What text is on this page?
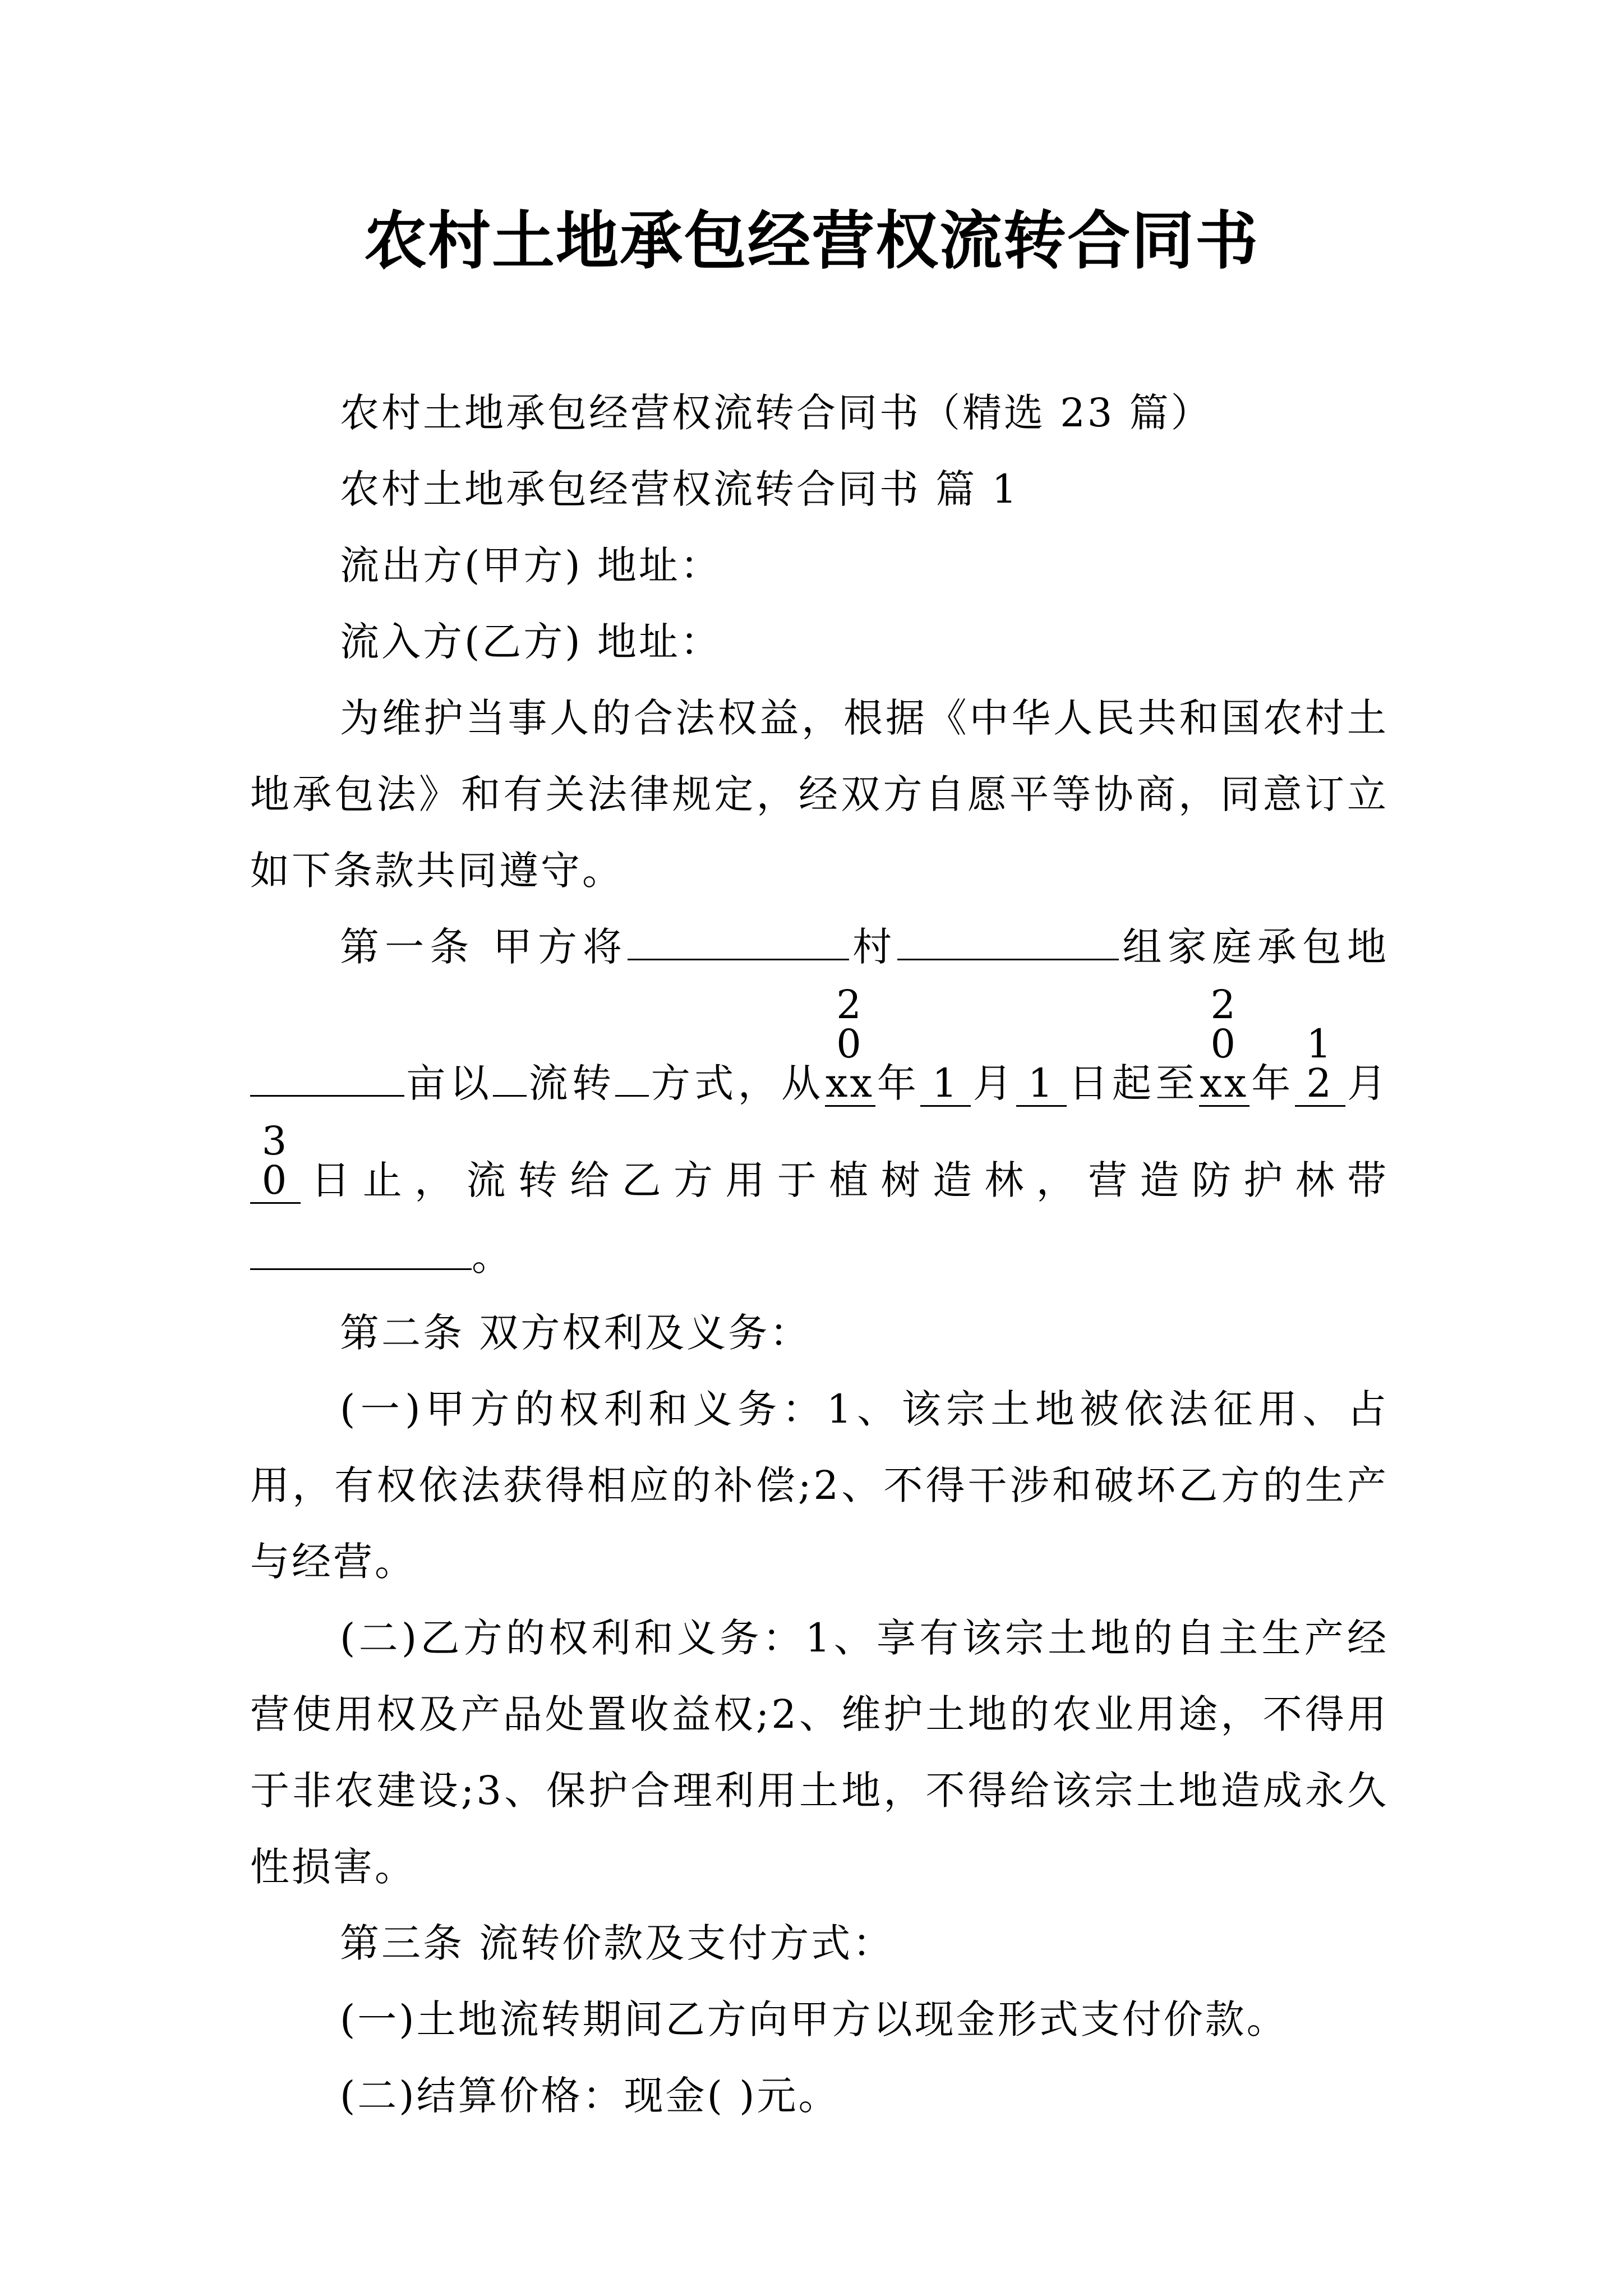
农村土地承包经营权流转合同书

农村土地承包经营权流转合同书（精选 23 篇）

农村土地承包经营权流转合同书 篇 1

流出方(甲方) 地址：

流入方(乙方) 地址：

为维护当事人的合法权益，根据《中华人民共和国农村土地承包法》和有关法律规定，经双方自愿平等协商，同意订立如下条款共同遵守。

第一条 甲方将	村	组家庭承包地亩以 流转 方式，从20xx年 1 月 1 日起至20xx年12 月30 日止，流转给乙方用于植树造林，营造防护林带。

第二条 双方权利及义务：

(一)甲方的权利和义务：1、该宗土地被依法征用、占用，有权依法获得相应的补偿;2、不得干涉和破坏乙方的生产与经营。

(二)乙方的权利和义务：1、享有该宗土地的自主生产经营使用权及产品处置收益权;2、维护土地的农业用途，不得用于非农建设;3、保护合理利用土地，不得给该宗土地造成永久性损害。

第三条 流转价款及支付方式：

(一)土地流转期间乙方向甲方以现金形式支付价款。

(二)结算价格：现金( )元。
